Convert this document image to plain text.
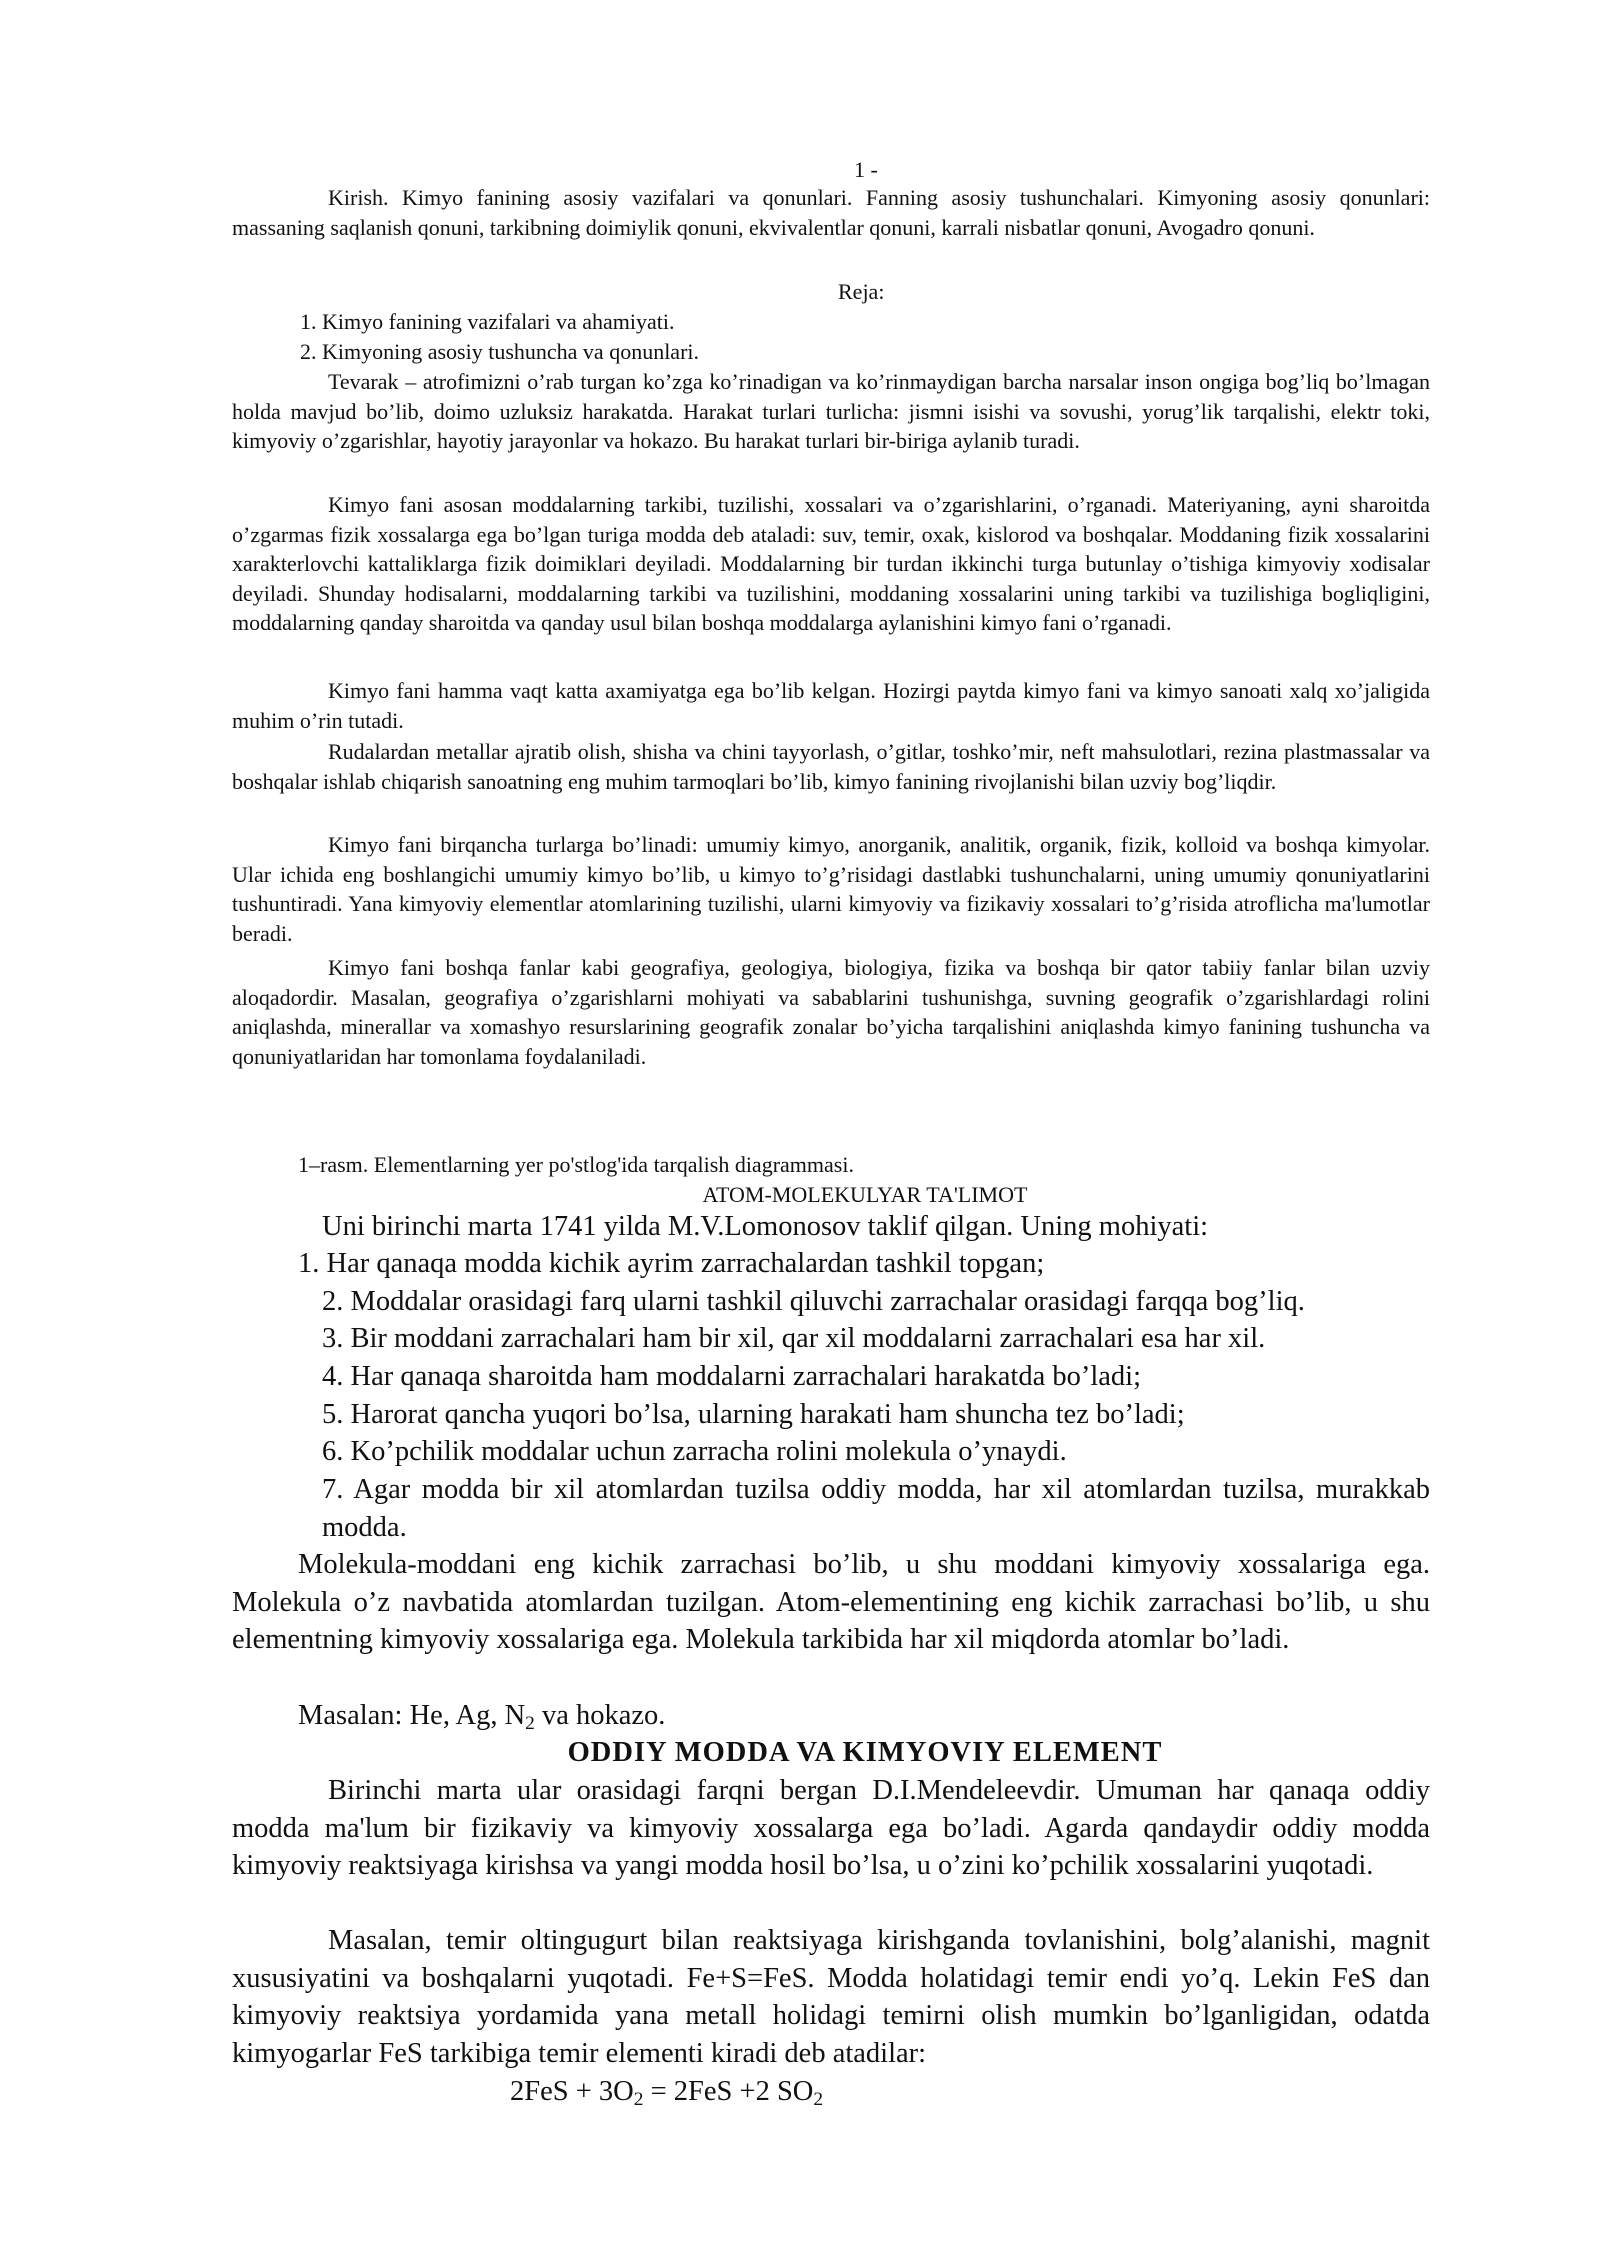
1 -

Kirish. Kimyo fanining asosiy vazifalari va qonunlari. Fanning asosiy tushunchalari. Kimyoning asosiy qonunlari: massaning saqlanish qonuni, tarkibning doimiylik qonuni, ekvivalentlar qonuni, karrali nisbatlar qonuni, Avogadro qonuni.

Reja:
1. Kimyo fanining vazifalari va ahamiyati.
2. Kimyoning asosiy tushuncha va qonunlari.

Tevarak – atrofimizni o’rab turgan ko’zga ko’rinadigan va ko’rinmaydigan barcha narsalar inson ongiga bog’liq bo’lmagan holda mavjud bo’lib, doimo uzluksiz harakatda. Harakat turlari turlicha: jismni isishi va sovushi, yorug’lik tarqalishi, elektr toki, kimyoviy o’zgarishlar, hayotiy jarayonlar va hokazo. Bu harakat turlari bir-biriga aylanib turadi.

Kimyo fani asosan moddalarning tarkibi, tuzilishi, xossalari va o’zgarishlarini, o’rganadi. Materiyaning, ayni sharoitda o’zgarmas fizik xossalarga ega bo’lgan turiga modda deb ataladi: suv, temir, oxak, kislorod va boshqalar. Moddaning fizik xossalarini xarakterlovchi kattaliklarga fizik doimiklari deyiladi. Moddalarning bir turdan ikkinchi turga butunlay o’tishiga kimyoviy xodisalar deyiladi. Shunday hodisalarni, moddalarning tarkibi va tuzilishini, moddaning xossalarini uning tarkibi va tuzilishiga bogliqligini, moddalarning qanday sharoitda va qanday usul bilan boshqa moddalarga aylanishini kimyo fani o’rganadi.

Kimyo fani hamma vaqt katta axamiyatga ega bo’lib kelgan. Hozirgi paytda kimyo fani va kimyo sanoati xalq xo’jaligida muhim o’rin tutadi.

Rudalardan metallar ajratib olish, shisha va chini tayyorlash, o’gitlar, toshko’mir, neft mahsulotlari, rezina plastmassalar va boshqalar ishlab chiqarish sanoatning eng muhim tarmoqlari bo’lib, kimyo fanining rivojlanishi bilan uzviy bog’liqdir.

Kimyo fani birqancha turlarga bo’linadi: umumiy kimyo, anorganik, analitik, organik, fizik, kolloid va boshqa kimyolar. Ular ichida eng boshlangichi umumiy kimyo bo’lib, u kimyo to’g’risidagi dastlabki tushunchalarni, uning umumiy qonuniyatlarini tushuntiradi. Yana kimyoviy elementlar atomlarining tuzilishi, ularni kimyoviy va fizikaviy xossalari to’g’risida atroflicha ma'lumotlar beradi.

Kimyo fani boshqa fanlar kabi geografiya, geologiya, biologiya, fizika va boshqa bir qator tabiiy fanlar bilan uzviy aloqadordir. Masalan, geografiya o’zgarishlarni mohiyati va sabablarini tushunishga, suvning geografik o’zgarishlardagi rolini aniqlashda, minerallar va xomashyo resurslarining geografik zonalar bo’yicha tarqalishini aniqlashda kimyo fanining tushuncha va qonuniyatlaridan har tomonlama foydalaniladi.

1–rasm. Elementlarning yer po'stlog'ida tarqalish diagrammasi.
ATOM-MOLEKULYAR TA'LIMOT
Uni birinchi marta 1741 yilda M.V.Lomonosov taklif qilgan. Uning mohiyati:
1. Har qanaqa modda kichik ayrim zarrachalardan tashkil topgan;
2. Moddalar orasidagi farq ularni tashkil qiluvchi zarrachalar orasidagi farqqa bog’liq.
3. Bir moddani zarrachalari ham bir xil, qar xil moddalarni zarrachalari esa har xil.
4. Har qanaqa sharoitda ham moddalarni zarrachalari harakatda bo’ladi;
5. Harorat qancha yuqori bo’lsa, ularning harakati ham shuncha tez bo’ladi;
6. Ko’pchilik moddalar uchun zarracha rolini molekula o’ynaydi.

7. Agar modda bir xil atomlardan tuzilsa oddiy modda, har xil atomlardan tuzilsa, murakkab modda.

Molekula-moddani eng kichik zarrachasi bo’lib, u shu moddani kimyoviy xossalariga ega. Molekula o’z navbatida atomlardan tuzilgan. Atom-elementining eng kichik zarrachasi bo’lib, u shu elementning kimyoviy xossalariga ega. Molekula tarkibida har xil miqdorda atomlar bo’ladi.

Masalan: He, Ag, $N_2$ va hokazo.
ODDIY MODDA VA KIMYOVIY ELEMENT

Birinchi marta ular orasidagi farqni bergan D.I.Mendeleevdir. Umuman har qanaqa oddiy modda ma'lum bir fizikaviy va kimyoviy xossalarga ega bo’ladi. Agarda qandaydir oddiy modda kimyoviy reaktsiyaga kirishsa va yangi modda hosil bo’lsa, u o’zini ko’pchilik xossalarini yuqotadi.

Masalan, temir oltingugurt bilan reaktsiyaga kirishganda tovlanishini, bolg’alanishi, magnit xususiyatini va boshqalarni yuqotadi. Fe+S=FeS. Modda holatidagi temir endi yo’q. Lekin FeS dan kimyoviy reaktsiya yordamida yana metall holidagi temirni olish mumkin bo’lganligidan, odatda kimyogarlar FeS tarkibiga temir elementi kiradi deb atadilar:

$2FeS + 3O_2 = 2FeS +2$ $SO_2$
